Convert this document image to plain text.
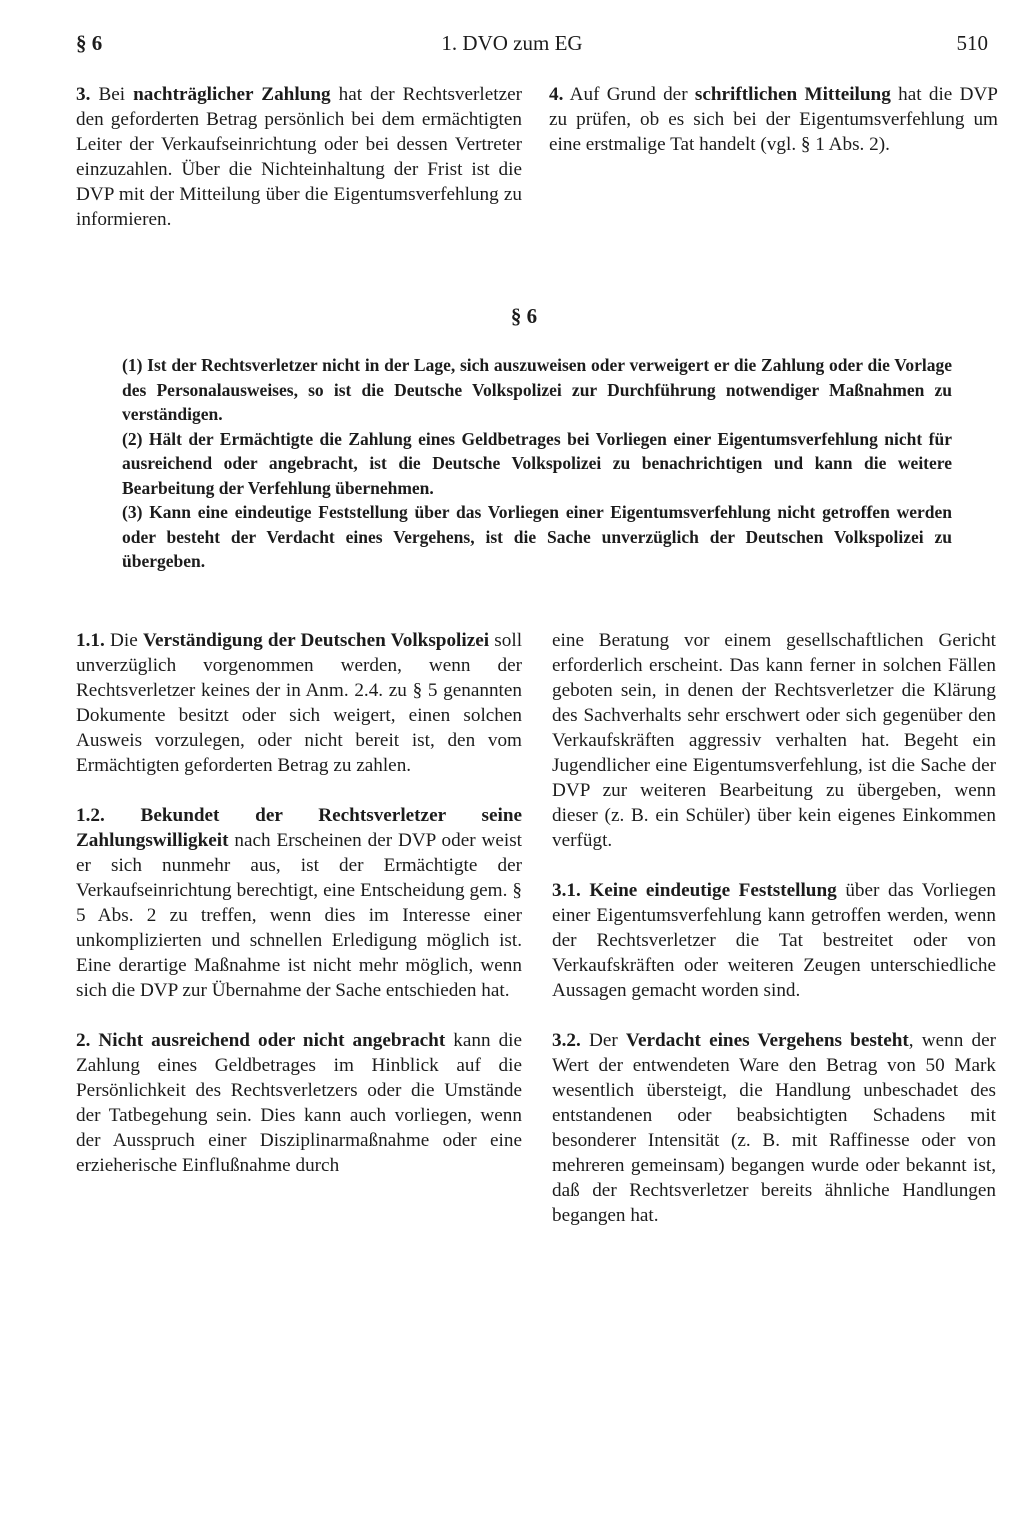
§ 6	1. DVO zum EG	510

3. Bei nachträglicher Zahlung hat der Rechtsverletzer den geforderten Betrag persönlich bei dem ermächtigten Leiter der Verkaufseinrichtung oder bei dessen Vertreter einzuzahlen. Über die Nichteinhaltung der Frist ist die DVP mit der Mitteilung über die Eigentumsverfehlung zu informieren.

4. Auf Grund der schriftlichen Mitteilung hat die DVP zu prüfen, ob es sich bei der Eigentumsverfehlung um eine erstmalige Tat handelt (vgl. § 1 Abs. 2).

§ 6

(1) Ist der Rechtsverletzer nicht in der Lage, sich auszuweisen oder verweigert er die Zahlung oder die Vorlage des Personalausweises, so ist die Deutsche Volkspolizei zur Durchführung notwendiger Maßnahmen zu verständigen.

(2) Hält der Ermächtigte die Zahlung eines Geldbetrages bei Vorliegen einer Eigentumsverfehlung nicht für ausreichend oder angebracht, ist die Deutsche Volkspolizei zu benachrichtigen und kann die weitere Bearbeitung der Verfehlung übernehmen.

(3) Kann eine eindeutige Feststellung über das Vorliegen einer Eigentumsverfehlung nicht getroffen werden oder besteht der Verdacht eines Vergehens, ist die Sache unverzüglich der Deutschen Volkspolizei zu übergeben.

1.1. Die Verständigung der Deutschen Volkspolizei soll unverzüglich vorgenommen werden, wenn der Rechtsverletzer keines der in Anm. 2.4. zu § 5 genannten Dokumente besitzt oder sich weigert, einen solchen Ausweis vorzulegen, oder nicht bereit ist, den vom Ermächtigten geforderten Betrag zu zahlen.

1.2. Bekundet der Rechtsverletzer seine Zahlungswilligkeit nach Erscheinen der DVP oder weist er sich nunmehr aus, ist der Ermächtigte der Verkaufseinrichtung berechtigt, eine Entscheidung gem. § 5 Abs. 2 zu treffen, wenn dies im Interesse einer unkomplizierten und schnellen Erledigung möglich ist. Eine derartige Maßnahme ist nicht mehr möglich, wenn sich die DVP zur Übernahme der Sache entschieden hat.

2. Nicht ausreichend oder nicht angebracht kann die Zahlung eines Geldbetrages im Hinblick auf die Persönlichkeit des Rechtsverletzers oder die Umstände der Tatbegehung sein. Dies kann auch vorliegen, wenn der Ausspruch einer Disziplinarmaßnahme oder eine erzieherische Einflußnahme durch

eine Beratung vor einem gesellschaftlichen Gericht erforderlich erscheint. Das kann ferner in solchen Fällen geboten sein, in denen der Rechtsverletzer die Klärung des Sachverhalts sehr erschwert oder sich gegenüber den Verkaufskräften aggressiv verhalten hat. Begeht ein Jugendlicher eine Eigentumsverfehlung, ist die Sache der DVP zur weiteren Bearbeitung zu übergeben, wenn dieser (z. B. ein Schüler) über kein eigenes Einkommen verfügt.

3.1. Keine eindeutige Feststellung über das Vorliegen einer Eigentumsverfehlung kann getroffen werden, wenn der Rechtsverletzer die Tat bestreitet oder von Verkaufskräften oder weiteren Zeugen unterschiedliche Aussagen gemacht worden sind.

3.2. Der Verdacht eines Vergehens besteht, wenn der Wert der entwendeten Ware den Betrag von 50 Mark wesentlich übersteigt, die Handlung unbeschadet des entstandenen oder beabsichtigten Schadens mit besonderer Intensität (z. B. mit Raffinesse oder von mehreren gemeinsam) begangen wurde oder bekannt ist, daß der Rechtsverletzer bereits ähnliche Handlungen begangen hat.
